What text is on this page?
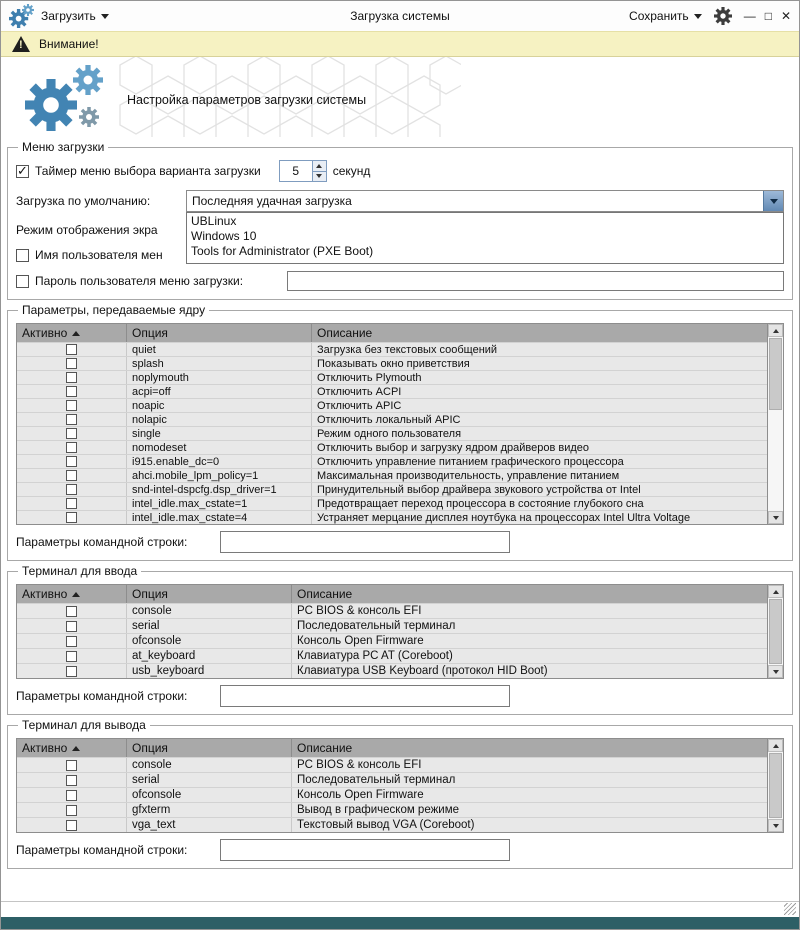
Загрузить	Загрузка системы	Сохранить	— □ ✕
!
Внимание!
Настройка параметров загрузки системы
Меню загрузки
✓
Таймер меню выбора варианта загрузки	5	секунд
Загрузка по умолчанию:	Последняя удачная загрузка
UBLinux
Windows 10
Tools for Administrator (PXE Boot)
Режим отображения экра
Имя пользователя мен
Пароль пользователя меню загрузки:
Параметры, передаваемые ядру
Активно	Опция	Описание
quiet	Загрузка без текстовых сообщений
splash	Показывать окно приветствия
noplymouth	Отключить Plymouth
acpi=off	Отключить ACPI
noapic	Отключить APIC
nolapic	Отключить локальный APIC
single	Режим одного пользователя
nomodeset	Отключить выбор и загрузку ядром драйверов видео
i915.enable_dc=0	Отключить управление питанием графического процессора
ahci.mobile_lpm_policy=1	Максимальная производительность, управление питанием
snd-intel-dspcfg.dsp_driver=1	Принудительный выбор драйвера звукового устройства от Intel
intel_idle.max_cstate=1	Предотвращает переход процессора в состояние глубокого сна
intel_idle.max_cstate=4	Устраняет мерцание дисплея ноутбука на процессорах Intel Ultra Voltage
Параметры командной строки:
Терминал для ввода
Активно	Опция	Описание
console	PC BIOS & консоль EFI
serial	Последовательный терминал
ofconsole	Консоль Open Firmware
at_keyboard	Клавиатура PC AT (Coreboot)
usb_keyboard	Клавиатура USB Keyboard (протокол HID Boot)
Параметры командной строки:
Терминал для вывода
Активно	Опция	Описание
console	PC BIOS & консоль EFI
serial	Последовательный терминал
ofconsole	Консоль Open Firmware
gfxterm	Вывод в графическом режиме
vga_text	Текстовый вывод VGA (Coreboot)
Параметры командной строки:
